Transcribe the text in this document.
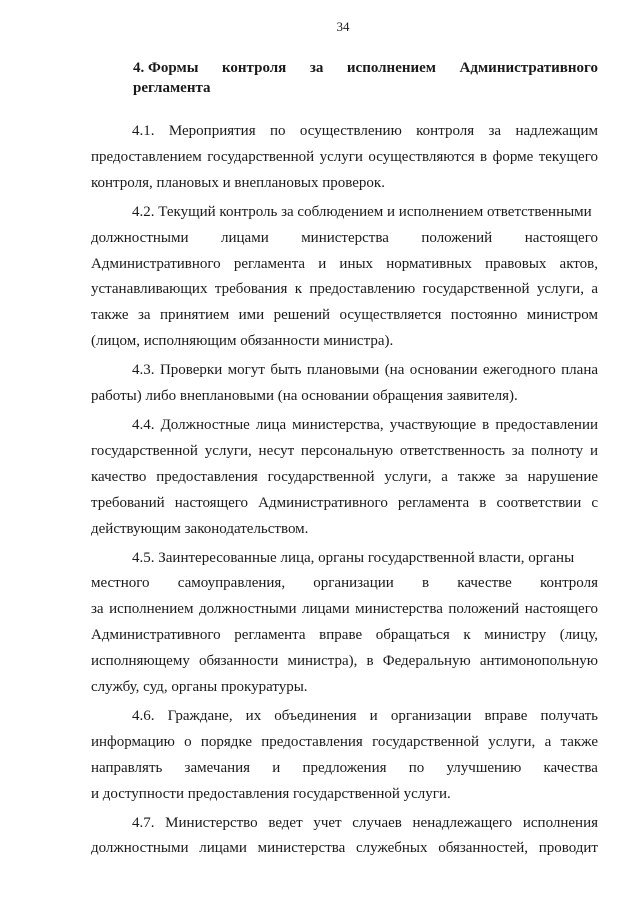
34
4. Формы контроля за исполнением Административного
регламента

4.1. Мероприятия по осуществлению контроля за надлежащим предоставлением государственной услуги осуществляются в форме текущего контроля, плановых и внеплановых проверок.

4.2. Текущий контроль за соблюдением и исполнением ответственными
должностными лицами министерства положений настоящего
Административного регламента и иных нормативных правовых актов, устанавливающих требования к предоставлению государственной услуги, а также за принятием ими решений осуществляется постоянно министром (лицом, исполняющим обязанности министра).

4.3. Проверки могут быть плановыми (на основании ежегодного плана работы) либо внеплановыми (на основании обращения заявителя).

4.4. Должностные лица министерства, участвующие в предоставлении государственной услуги, несут персональную ответственность за полноту и качество предоставления государственной услуги, а также за нарушение требований настоящего Административного регламента в соответствии с действующим законодательством.

4.5. Заинтересованные лица, органы государственной власти, органы
местного самоуправления, организации в качестве контроля
за исполнением должностными лицами министерства положений настоящего Административного регламента вправе обращаться к министру (лицу, исполняющему обязанности министра), в Федеральную антимонопольную службу, суд, органы прокуратуры.
4.6. Граждане, их объединения и организации вправе получать информацию о порядке предоставления государственной услуги, а также
направлять замечания и предложения по улучшению качества
и доступности предоставления государственной услуги.

4.7. Министерство ведет учет случаев ненадлежащего исполнения должностными лицами министерства служебных обязанностей, проводит
